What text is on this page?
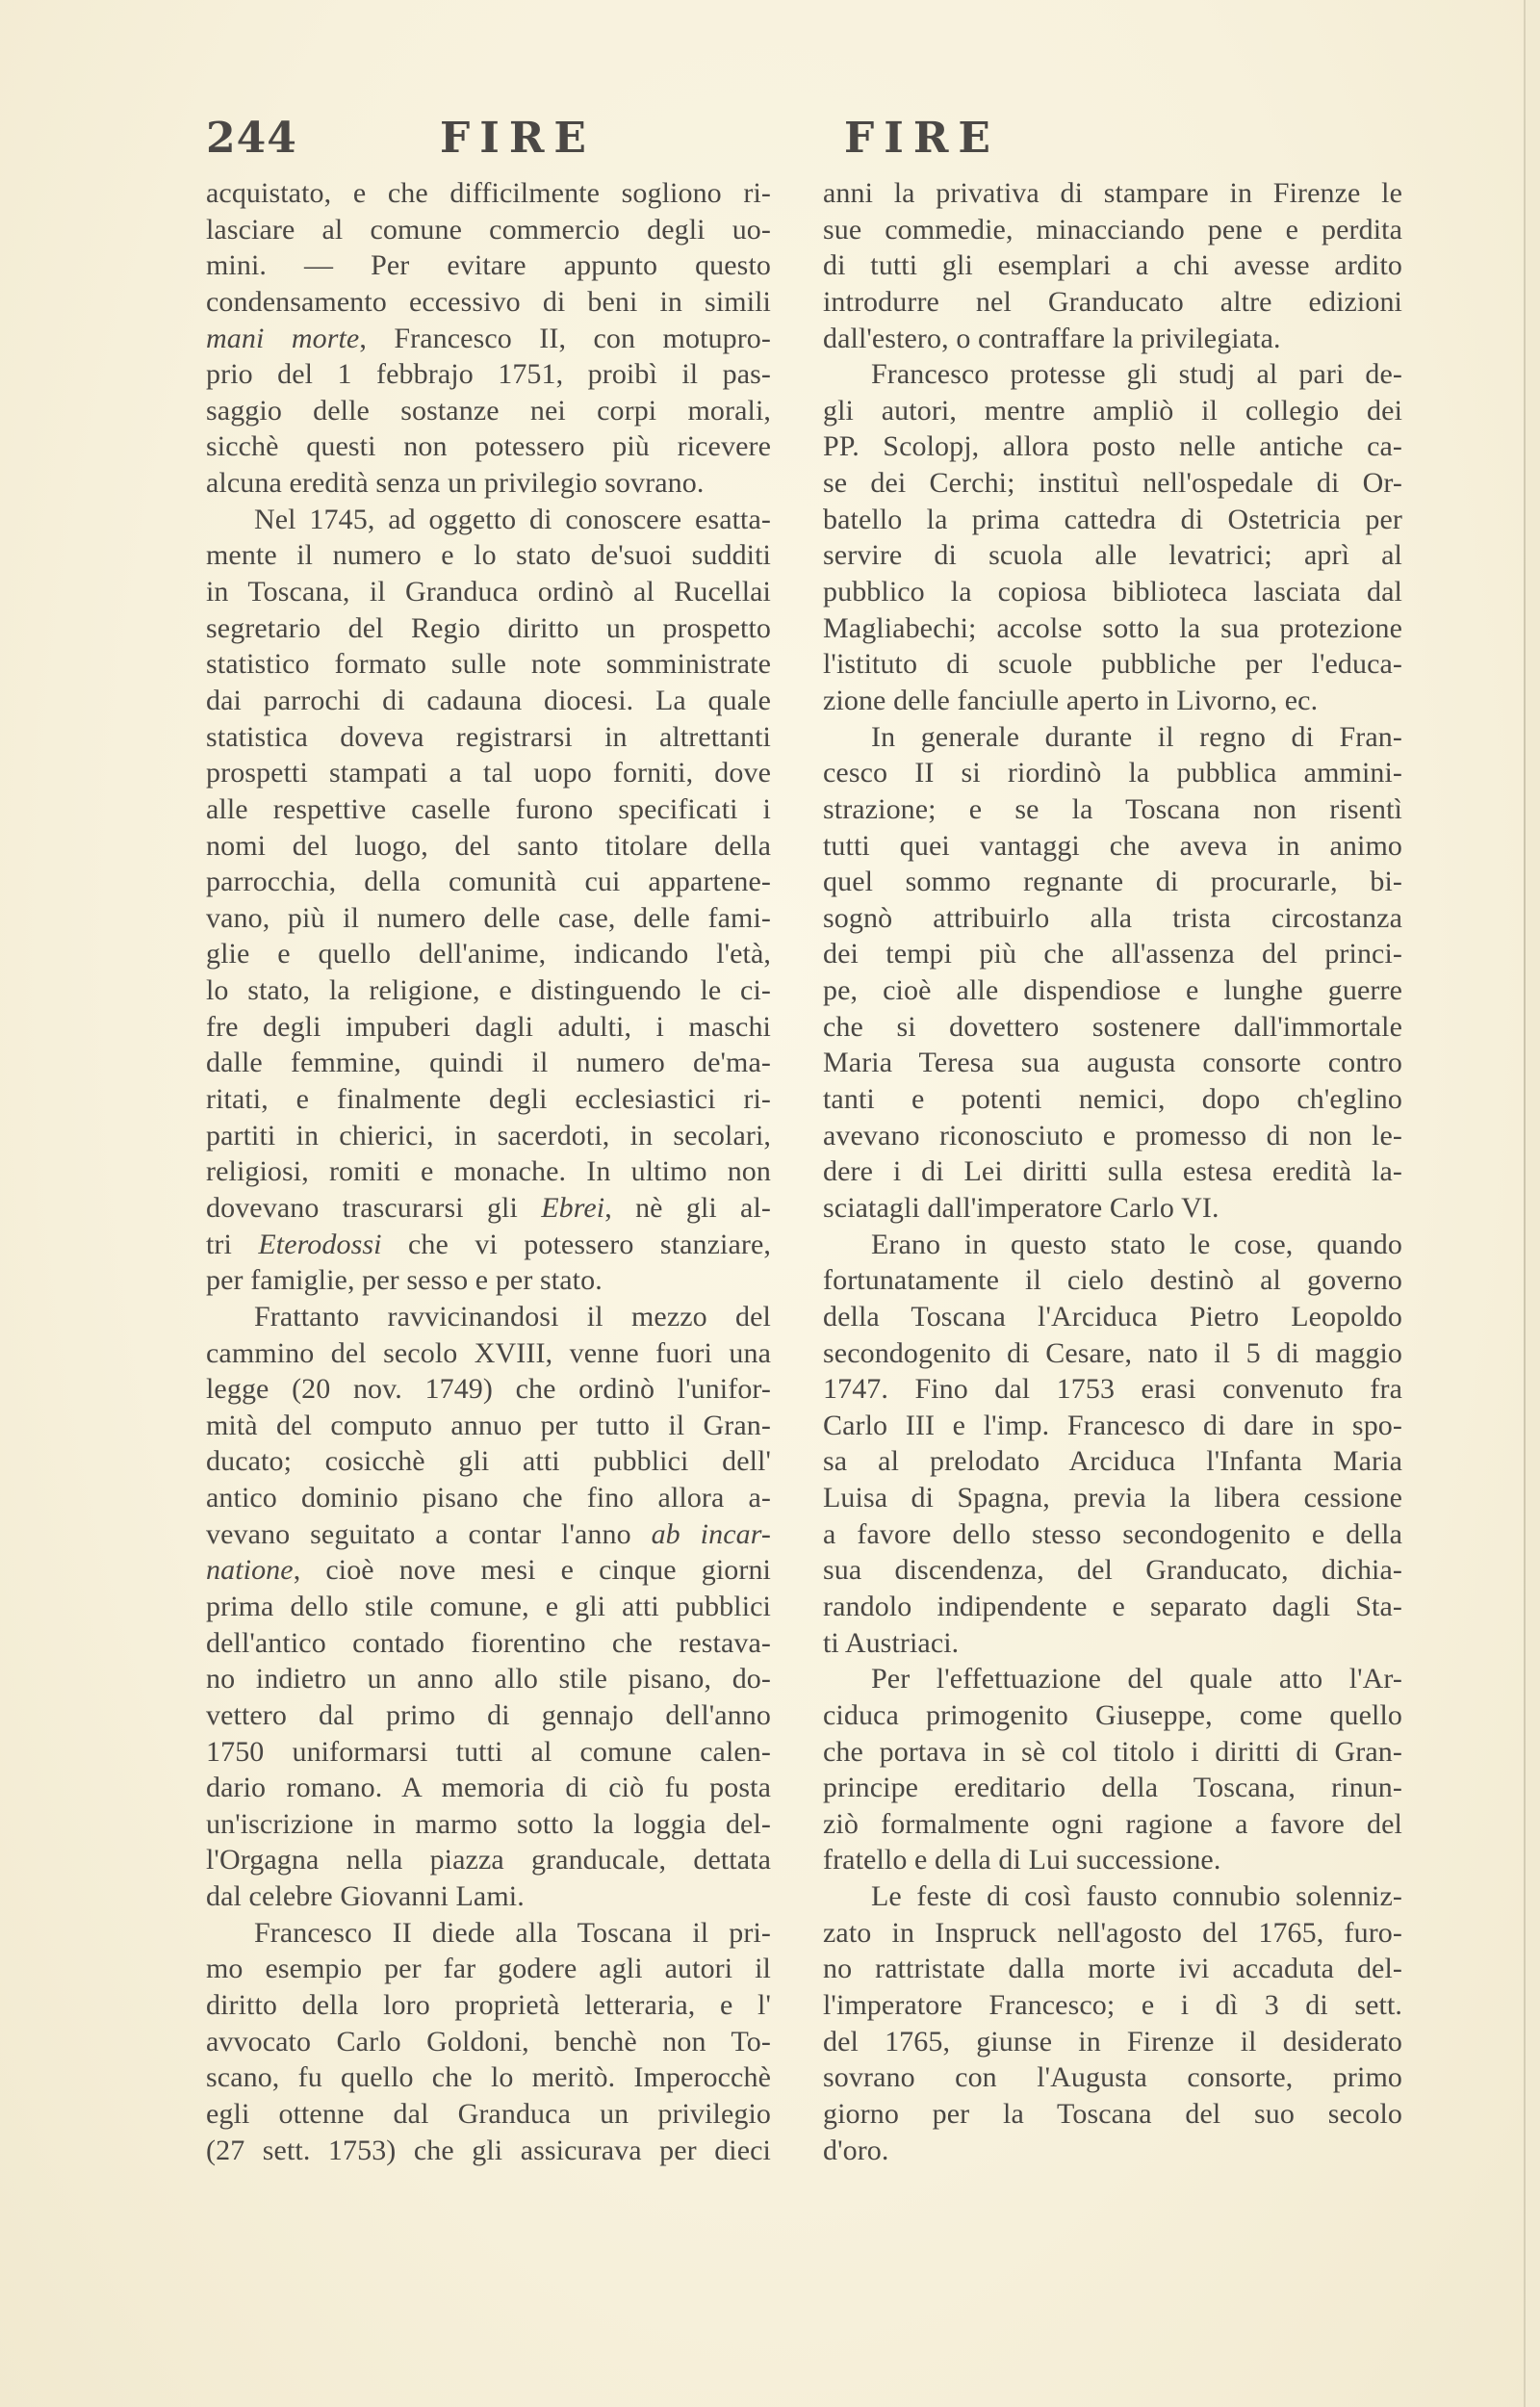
244	FIRE	FIRE
acquistato, e che difficilmente sogliono ri-
lasciare al comune commercio degli uo-
mini. — Per evitare appunto questo
condensamento eccessivo di beni in simili
mani morte, Francesco II, con motupro-
prio del 1 febbrajo 1751, proibì il pas-
saggio delle sostanze nei corpi morali,
sicchè questi non potessero più ricevere
alcuna eredità senza un privilegio sovrano.
Nel 1745, ad oggetto di conoscere esatta-
mente il numero e lo stato de'suoi sudditi
in Toscana, il Granduca ordinò al Rucellai
segretario del Regio diritto un prospetto
statistico formato sulle note somministrate
dai parrochi di cadauna diocesi. La quale
statistica doveva registrarsi in altrettanti
prospetti stampati a tal uopo forniti, dove
alle respettive caselle furono specificati i
nomi del luogo, del santo titolare della
parrocchia, della comunità cui appartene-
vano, più il numero delle case, delle fami-
glie e quello dell'anime, indicando l'età,
lo stato, la religione, e distinguendo le ci-
fre degli impuberi dagli adulti, i maschi
dalle femmine, quindi il numero de'ma-
ritati, e finalmente degli ecclesiastici ri-
partiti in chierici, in sacerdoti, in secolari,
religiosi, romiti e monache. In ultimo non
dovevano trascurarsi gli Ebrei, nè gli al-
tri Eterodossi che vi potessero stanziare,
per famiglie, per sesso e per stato.
Frattanto ravvicinandosi il mezzo del
cammino del secolo XVIII, venne fuori una
legge (20 nov. 1749) che ordinò l'unifor-
mità del computo annuo per tutto il Gran-
ducato; cosicchè gli atti pubblici dell'
antico dominio pisano che fino allora a-
vevano seguitato a contar l'anno ab incar-
natione, cioè nove mesi e cinque giorni
prima dello stile comune, e gli atti pubblici
dell'antico contado fiorentino che restava-
no indietro un anno allo stile pisano, do-
vettero dal primo di gennajo dell'anno
1750 uniformarsi tutti al comune calen-
dario romano. A memoria di ciò fu posta
un'iscrizione in marmo sotto la loggia del-
l'Orgagna nella piazza granducale, dettata
dal celebre Giovanni Lami.
Francesco II diede alla Toscana il pri-
mo esempio per far godere agli autori il
diritto della loro proprietà letteraria, e l'
avvocato Carlo Goldoni, benchè non To-
scano, fu quello che lo meritò. Imperocchè
egli ottenne dal Granduca un privilegio
(27 sett. 1753) che gli assicurava per dieci
anni la privativa di stampare in Firenze le
sue commedie, minacciando pene e perdita
di tutti gli esemplari a chi avesse ardito
introdurre nel Granducato altre edizioni
dall'estero, o contraffare la privilegiata.
Francesco protesse gli studj al pari de-
gli autori, mentre ampliò il collegio dei
PP. Scolopj, allora posto nelle antiche ca-
se dei Cerchi; instituì nell'ospedale di Or-
batello la prima cattedra di Ostetricia per
servire di scuola alle levatrici; aprì al
pubblico la copiosa biblioteca lasciata dal
Magliabechi; accolse sotto la sua protezione
l'istituto di scuole pubbliche per l'educa-
zione delle fanciulle aperto in Livorno, ec.
In generale durante il regno di Fran-
cesco II si riordinò la pubblica ammini-
strazione; e se la Toscana non risentì
tutti quei vantaggi che aveva in animo
quel sommo regnante di procurarle, bi-
sognò attribuirlo alla trista circostanza
dei tempi più che all'assenza del princi-
pe, cioè alle dispendiose e lunghe guerre
che si dovettero sostenere dall'immortale
Maria Teresa sua augusta consorte contro
tanti e potenti nemici, dopo ch'eglino
avevano riconosciuto e promesso di non le-
dere i di Lei diritti sulla estesa eredità la-
sciatagli dall'imperatore Carlo VI.
Erano in questo stato le cose, quando
fortunatamente il cielo destinò al governo
della Toscana l'Arciduca Pietro Leopoldo
secondogenito di Cesare, nato il 5 di maggio
1747. Fino dal 1753 erasi convenuto fra
Carlo III e l'imp. Francesco di dare in spo-
sa al prelodato Arciduca l'Infanta Maria
Luisa di Spagna, previa la libera cessione
a favore dello stesso secondogenito e della
sua discendenza, del Granducato, dichia-
randolo indipendente e separato dagli Sta-
ti Austriaci.
Per l'effettuazione del quale atto l'Ar-
ciduca primogenito Giuseppe, come quello
che portava in sè col titolo i diritti di Gran-
principe ereditario della Toscana, rinun-
ziò formalmente ogni ragione a favore del
fratello e della di Lui successione.
Le feste di così fausto connubio solenniz-
zato in Inspruck nell'agosto del 1765, furo-
no rattristate dalla morte ivi accaduta del-
l'imperatore Francesco; e i dì 3 di sett.
del 1765, giunse in Firenze il desiderato
sovrano con l'Augusta consorte, primo
giorno per la Toscana del suo secolo
d'oro.
